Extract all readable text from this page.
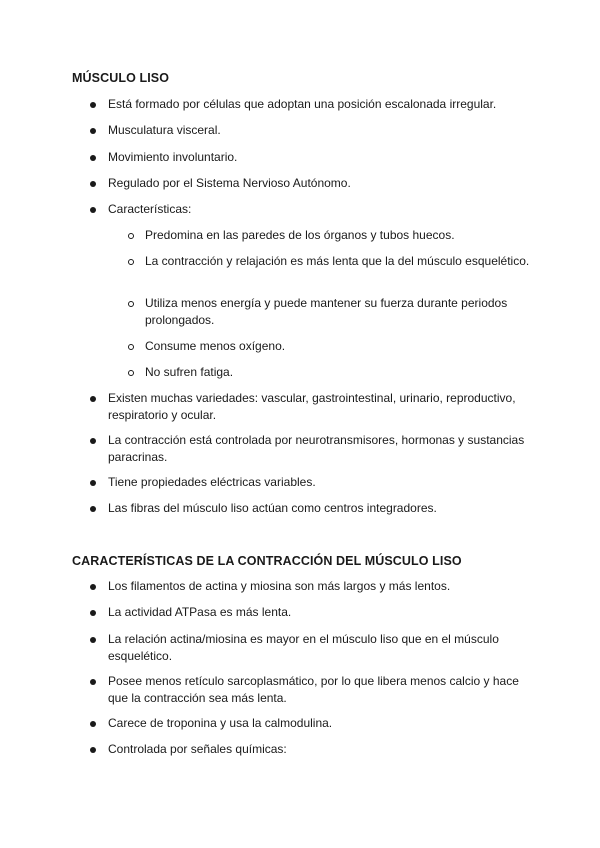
MÚSCULO LISO
Está formado por células que adoptan una posición escalonada irregular.
Musculatura visceral.
Movimiento involuntario.
Regulado por el Sistema Nervioso Autónomo.
Características:
Predomina en las paredes de los órganos y tubos huecos.
La contracción y relajación es más lenta que la del músculo esquelético.
Utiliza menos energía y puede mantener su fuerza durante periodos prolongados.
Consume menos oxígeno.
No sufren fatiga.
Existen muchas variedades: vascular, gastrointestinal, urinario, reproductivo, respiratorio y ocular.
La contracción está controlada por neurotransmisores, hormonas y sustancias paracrinas.
Tiene propiedades eléctricas variables.
Las fibras del músculo liso actúan como centros integradores.
CARACTERÍSTICAS DE LA CONTRACCIÓN DEL MÚSCULO LISO
Los filamentos de actina y miosina son más largos y más lentos.
La actividad ATPasa es más lenta.
La relación actina/miosina es mayor en el músculo liso que en el músculo esquelético.
Posee menos retículo sarcoplasmático, por lo que libera menos calcio y hace que la contracción sea más lenta.
Carece de troponina y usa la calmodulina.
Controlada por señales químicas:
